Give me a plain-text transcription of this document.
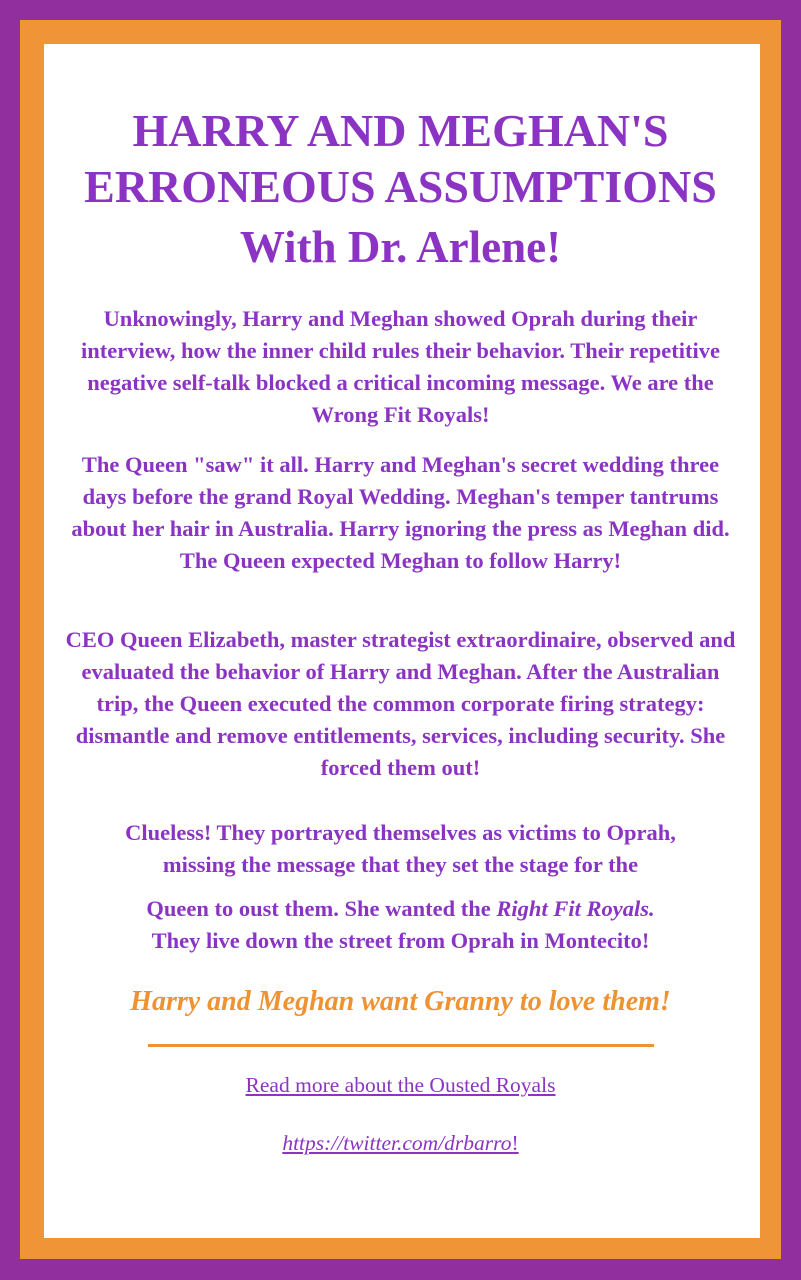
HARRY AND MEGHAN'S
ERRONEOUS ASSUMPTIONS
With Dr. Arlene!

Unknowingly, Harry and Meghan showed Oprah during their interview, how the inner child rules their behavior. Their repetitive negative self-talk blocked a critical incoming message. We are the Wrong Fit Royals!

The Queen "saw" it all. Harry and Meghan's secret wedding three days before the grand Royal Wedding. Meghan's temper tantrums about her hair in Australia. Harry ignoring the press as Meghan did. The Queen expected Meghan to follow Harry!

CEO Queen Elizabeth, master strategist extraordinaire, observed and evaluated the behavior of Harry and Meghan. After the Australian trip, the Queen executed the common corporate firing strategy: dismantle and remove entitlements, services, including security. She forced them out!

Clueless! They portrayed themselves as victims to Oprah,
missing the message that they set the stage for the
Queen to oust them. She wanted the Right Fit Royals.
They live down the street from Oprah in Montecito!
Harry and Meghan want Granny to love them!
Read more about the Ousted Royals
https://twitter.com/drbarro!
